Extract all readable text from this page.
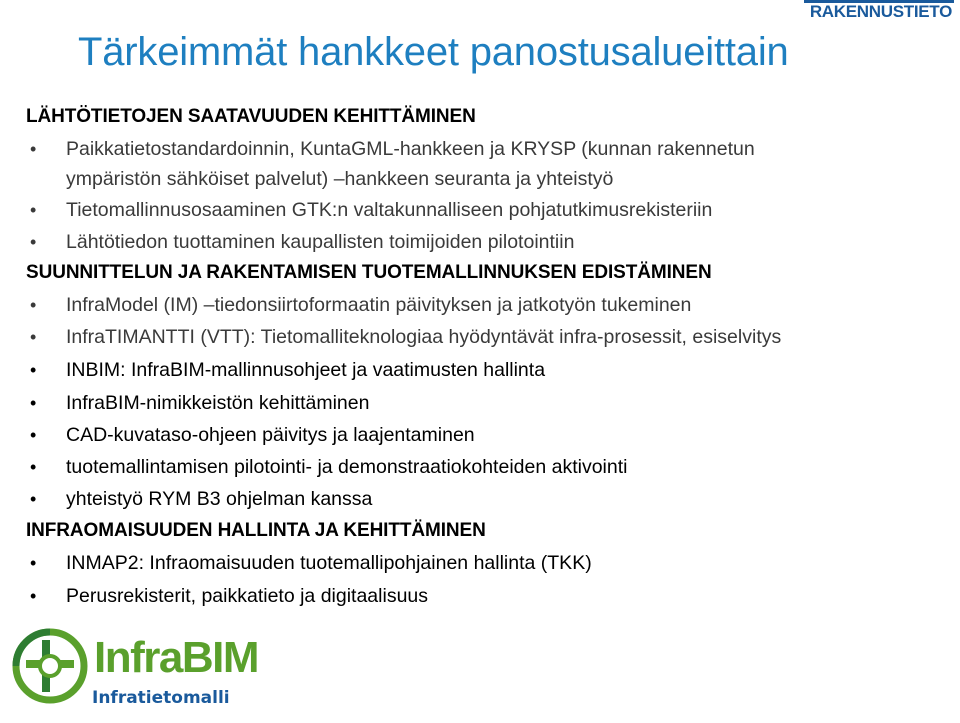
RAKENNUSTIETO
Tärkeimmät hankkeet panostusalueittain
LÄHTÖTIETOJEN SAATAVUUDEN KEHITTÄMINEN
• Paikkatietostandardoinnin, KuntaGML-hankkeen ja KRYSP (kunnan rakennetun
ympäristön sähköiset palvelut) –hankkeen seuranta ja yhteistyö
• Tietomallinnusosaaminen GTK:n valtakunnalliseen pohjatutkimusrekisteriin
• Lähtötiedon tuottaminen kaupallisten toimijoiden pilotointiin
SUUNNITTELUN JA RAKENTAMISEN TUOTEMALLINNUKSEN EDISTÄMINEN
• InfraModel (IM) –tiedonsiirtoformaatin päivityksen ja jatkotyön tukeminen
• InfraTIMANTTI (VTT): Tietomalliteknologiaa hyödyntävät infra-prosessit, esiselvitys
• INBIM: InfraBIM-mallinnusohjeet ja vaatimusten hallinta
• InfraBIM-nimikkeistön kehittäminen
• CAD-kuvataso-ohjeen päivitys ja laajentaminen
• tuotemallintamisen pilotointi- ja demonstraatiokohteiden aktivointi
• yhteistyö RYM B3 ohjelman kanssa
INFRAOMAISUUDEN HALLINTA JA KEHITTÄMINEN
• INMAP2: Infraomaisuuden tuotemallipohjainen hallinta (TKK)
• Perusrekisterit, paikkatieto ja digitaalisuus
InfraBIM
Infratietomalli
